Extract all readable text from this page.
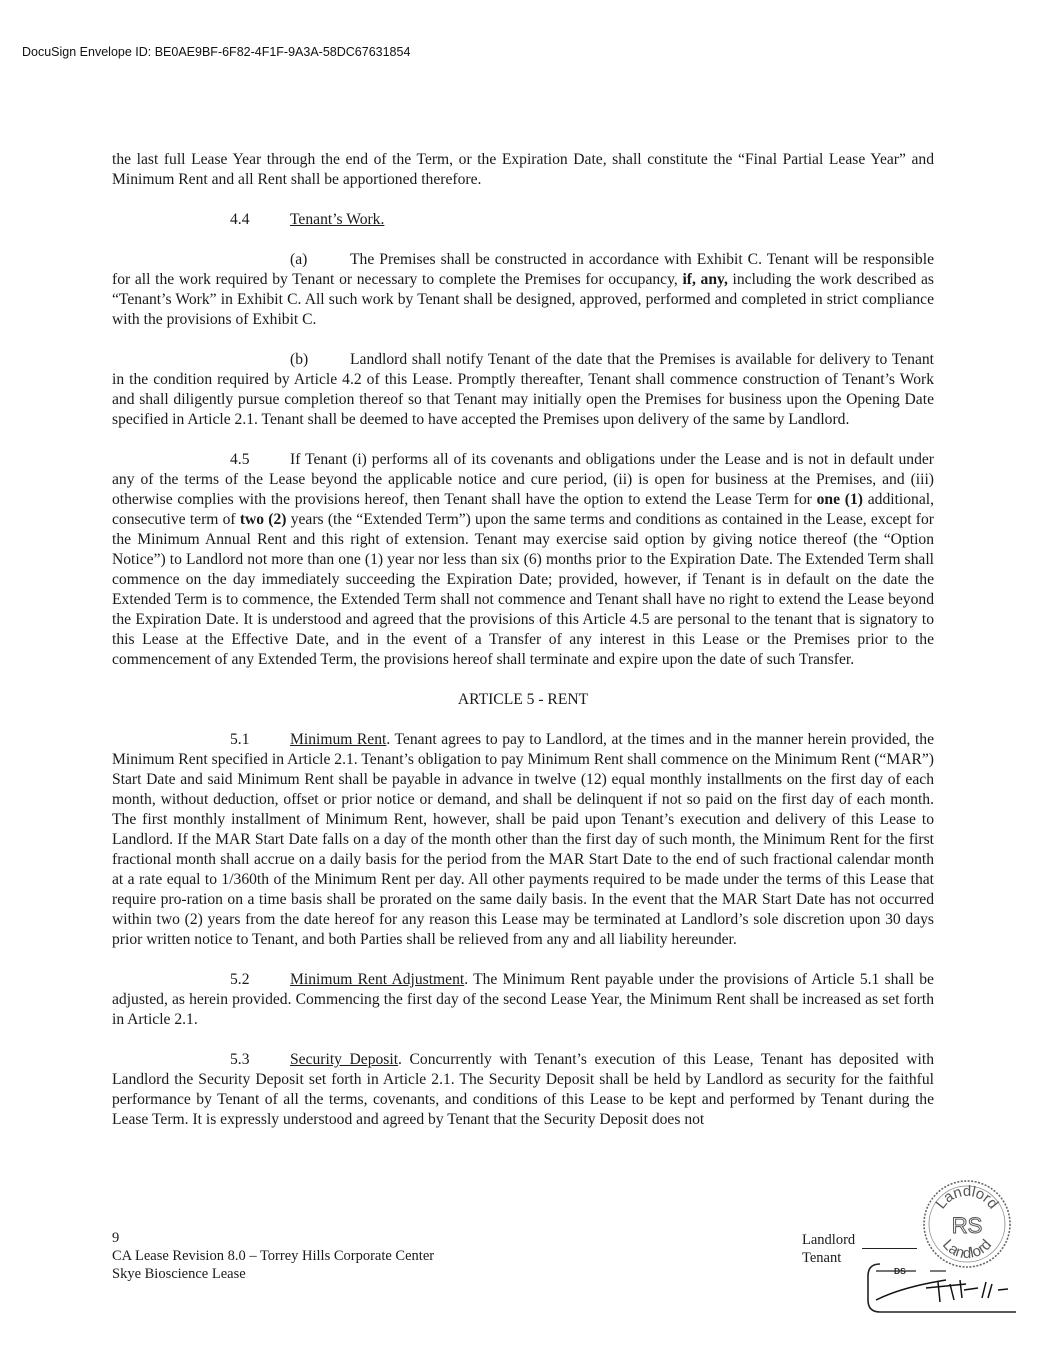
DocuSign Envelope ID: BE0AE9BF-6F82-4F1F-9A3A-58DC67631854

the last full Lease Year through the end of the Term, or the Expiration Date, shall constitute the “Final Partial Lease Year” and Minimum Rent and all Rent shall be apportioned therefore.

4.4	Tenant’s Work.

(a)	The Premises shall be constructed in accordance with Exhibit C. Tenant will be responsible for all the work required by Tenant or necessary to complete the Premises for occupancy, if, any, including the work described as “Tenant’s Work” in Exhibit C. All such work by Tenant shall be designed, approved, performed and completed in strict compliance with the provisions of Exhibit C.

(b)	Landlord shall notify Tenant of the date that the Premises is available for delivery to Tenant in the condition required by Article 4.2 of this Lease. Promptly thereafter, Tenant shall commence construction of Tenant’s Work and shall diligently pursue completion thereof so that Tenant may initially open the Premises for business upon the Opening Date specified in Article 2.1. Tenant shall be deemed to have accepted the Premises upon delivery of the same by Landlord.

4.5	If Tenant (i) performs all of its covenants and obligations under the Lease and is not in default under any of the terms of the Lease beyond the applicable notice and cure period, (ii) is open for business at the Premises, and (iii) otherwise complies with the provisions hereof, then Tenant shall have the option to extend the Lease Term for one (1) additional, consecutive term of two (2) years (the “Extended Term”) upon the same terms and conditions as contained in the Lease, except for the Minimum Annual Rent and this right of extension. Tenant may exercise said option by giving notice thereof (the “Option Notice”) to Landlord not more than one (1) year nor less than six (6) months prior to the Expiration Date. The Extended Term shall commence on the day immediately succeeding the Expiration Date; provided, however, if Tenant is in default on the date the Extended Term is to commence, the Extended Term shall not commence and Tenant shall have no right to extend the Lease beyond the Expiration Date. It is understood and agreed that the provisions of this Article 4.5 are personal to the tenant that is signatory to this Lease at the Effective Date, and in the event of a Transfer of any interest in this Lease or the Premises prior to the commencement of any Extended Term, the provisions hereof shall terminate and expire upon the date of such Transfer.

ARTICLE 5 - RENT

5.1	Minimum Rent. Tenant agrees to pay to Landlord, at the times and in the manner herein provided, the Minimum Rent specified in Article 2.1. Tenant’s obligation to pay Minimum Rent shall commence on the Minimum Rent (“MAR”) Start Date and said Minimum Rent shall be payable in advance in twelve (12) equal monthly installments on the first day of each month, without deduction, offset or prior notice or demand, and shall be delinquent if not so paid on the first day of each month. The first monthly installment of Minimum Rent, however, shall be paid upon Tenant’s execution and delivery of this Lease to Landlord. If the MAR Start Date falls on a day of the month other than the first day of such month, the Minimum Rent for the first fractional month shall accrue on a daily basis for the period from the MAR Start Date to the end of such fractional calendar month at a rate equal to 1/360th of the Minimum Rent per day. All other payments required to be made under the terms of this Lease that require pro-ration on a time basis shall be prorated on the same daily basis. In the event that the MAR Start Date has not occurred within two (2) years from the date hereof for any reason this Lease may be terminated at Landlord’s sole discretion upon 30 days prior written notice to Tenant, and both Parties shall be relieved from any and all liability hereunder.

5.2	Minimum Rent Adjustment. The Minimum Rent payable under the provisions of Article 5.1 shall be adjusted, as herein provided. Commencing the first day of the second Lease Year, the Minimum Rent shall be increased as set forth in Article 2.1.

5.3	Security Deposit. Concurrently with Tenant’s execution of this Lease, Tenant has deposited with Landlord the Security Deposit set forth in Article 2.1. The Security Deposit shall be held by Landlord as security for the faithful performance by Tenant of all the terms, covenants, and conditions of this Lease to be kept and performed by Tenant during the Lease Term. It is expressly understood and agreed by Tenant that the Security Deposit does not

9
CA Lease Revision 8.0 – Torrey Hills Corporate Center
Skye Bioscience Lease
Landlord
Tenant
Landlord
RS
Landlord
DS
